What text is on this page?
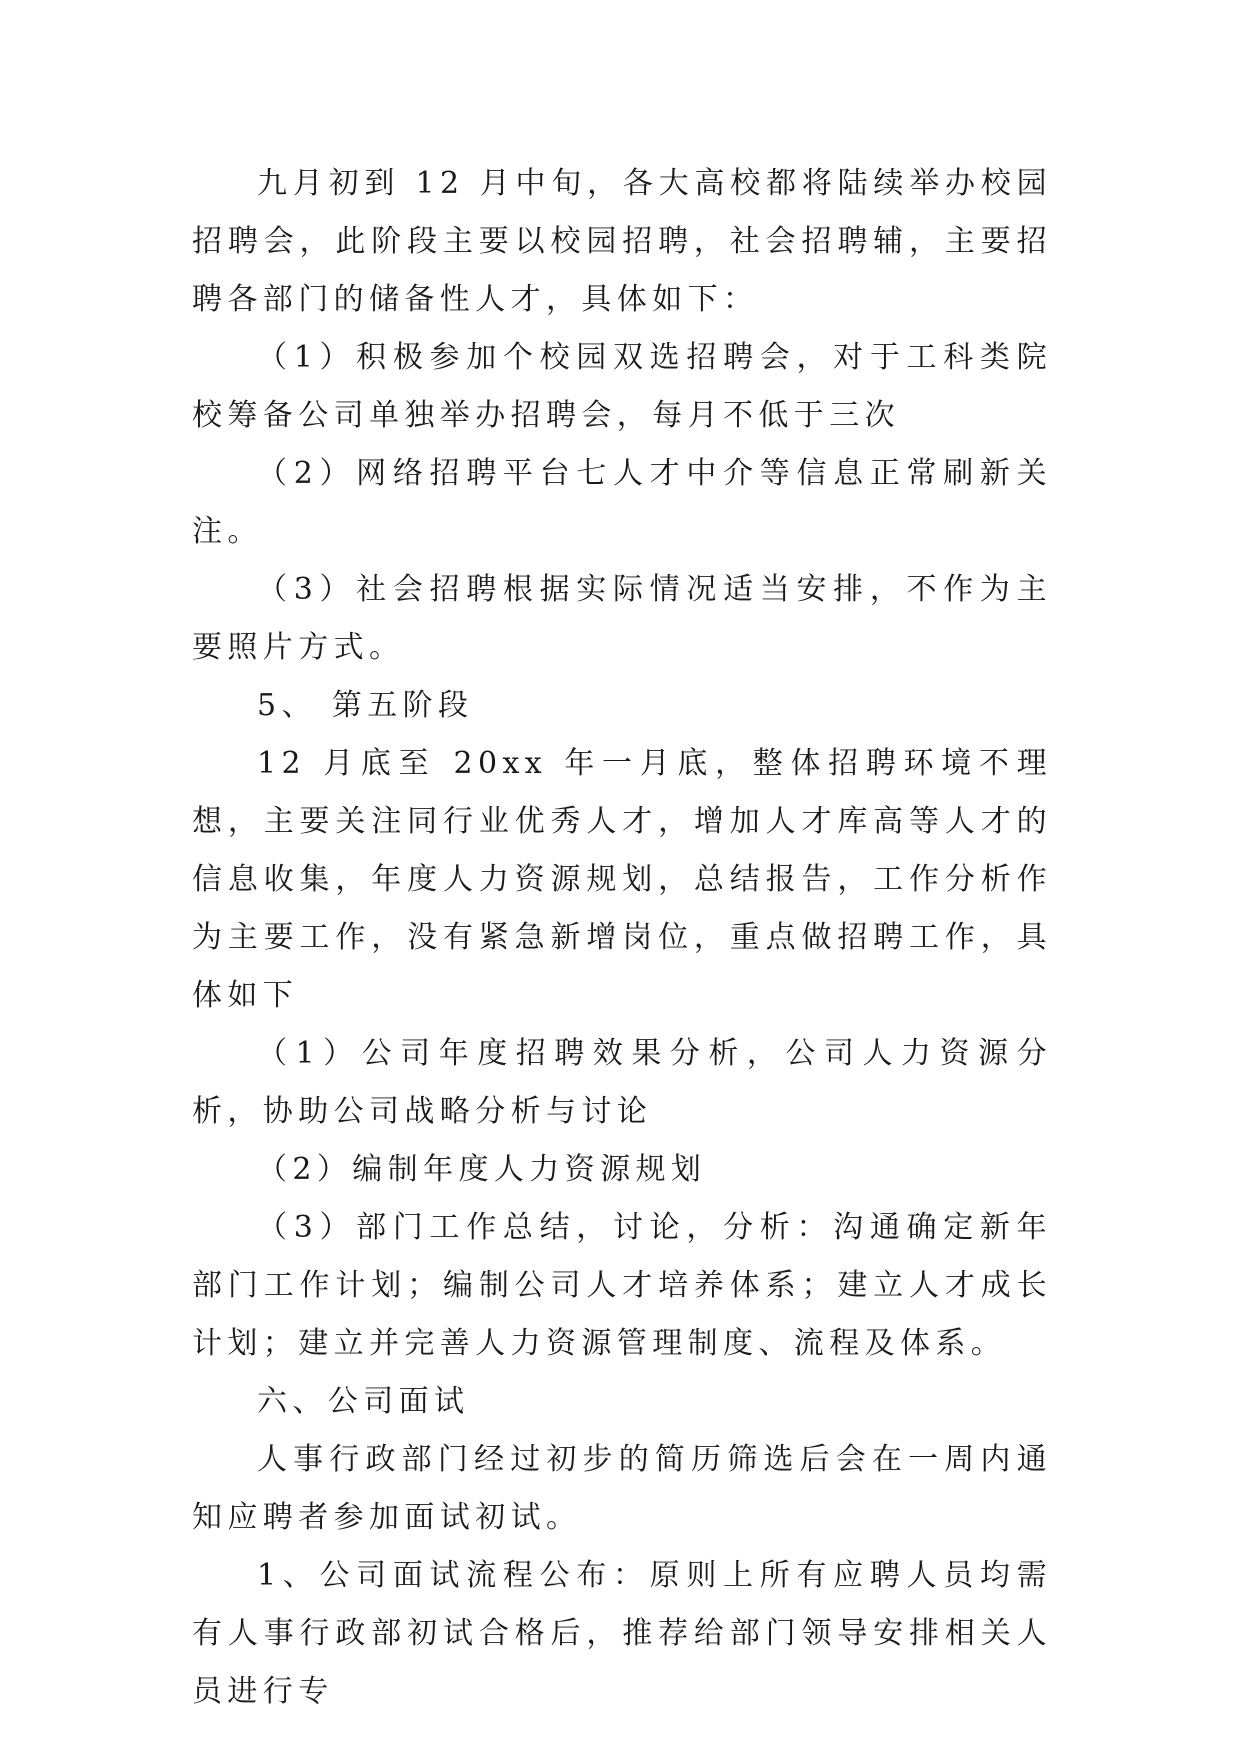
九月初到 12 月中旬，各大高校都将陆续举办校园招聘会，此阶段主要以校园招聘，社会招聘辅，主要招聘各部门的储备性人才，具体如下：

（1）积极参加个校园双选招聘会，对于工科类院校筹备公司单独举办招聘会，每月不低于三次

（2）网络招聘平台七人才中介等信息正常刷新关注。

（3）社会招聘根据实际情况适当安排，不作为主要照片方式。

5、 第五阶段

12 月底至 20xx 年一月底，整体招聘环境不理想，主要关注同行业优秀人才，增加人才库高等人才的信息收集，年度人力资源规划，总结报告，工作分析作为主要工作，没有紧急新增岗位，重点做招聘工作，具体如下

（1）公司年度招聘效果分析，公司人力资源分析，协助公司战略分析与讨论

（2）编制年度人力资源规划

（3）部门工作总结，讨论，分析：沟通确定新年部门工作计划；编制公司人才培养体系；建立人才成长计划；建立并完善人力资源管理制度、流程及体系。

六、公司面试

人事行政部门经过初步的简历筛选后会在一周内通知应聘者参加面试初试。

1、公司面试流程公布：原则上所有应聘人员均需有人事行政部初试合格后，推荐给部门领导安排相关人员进行专
